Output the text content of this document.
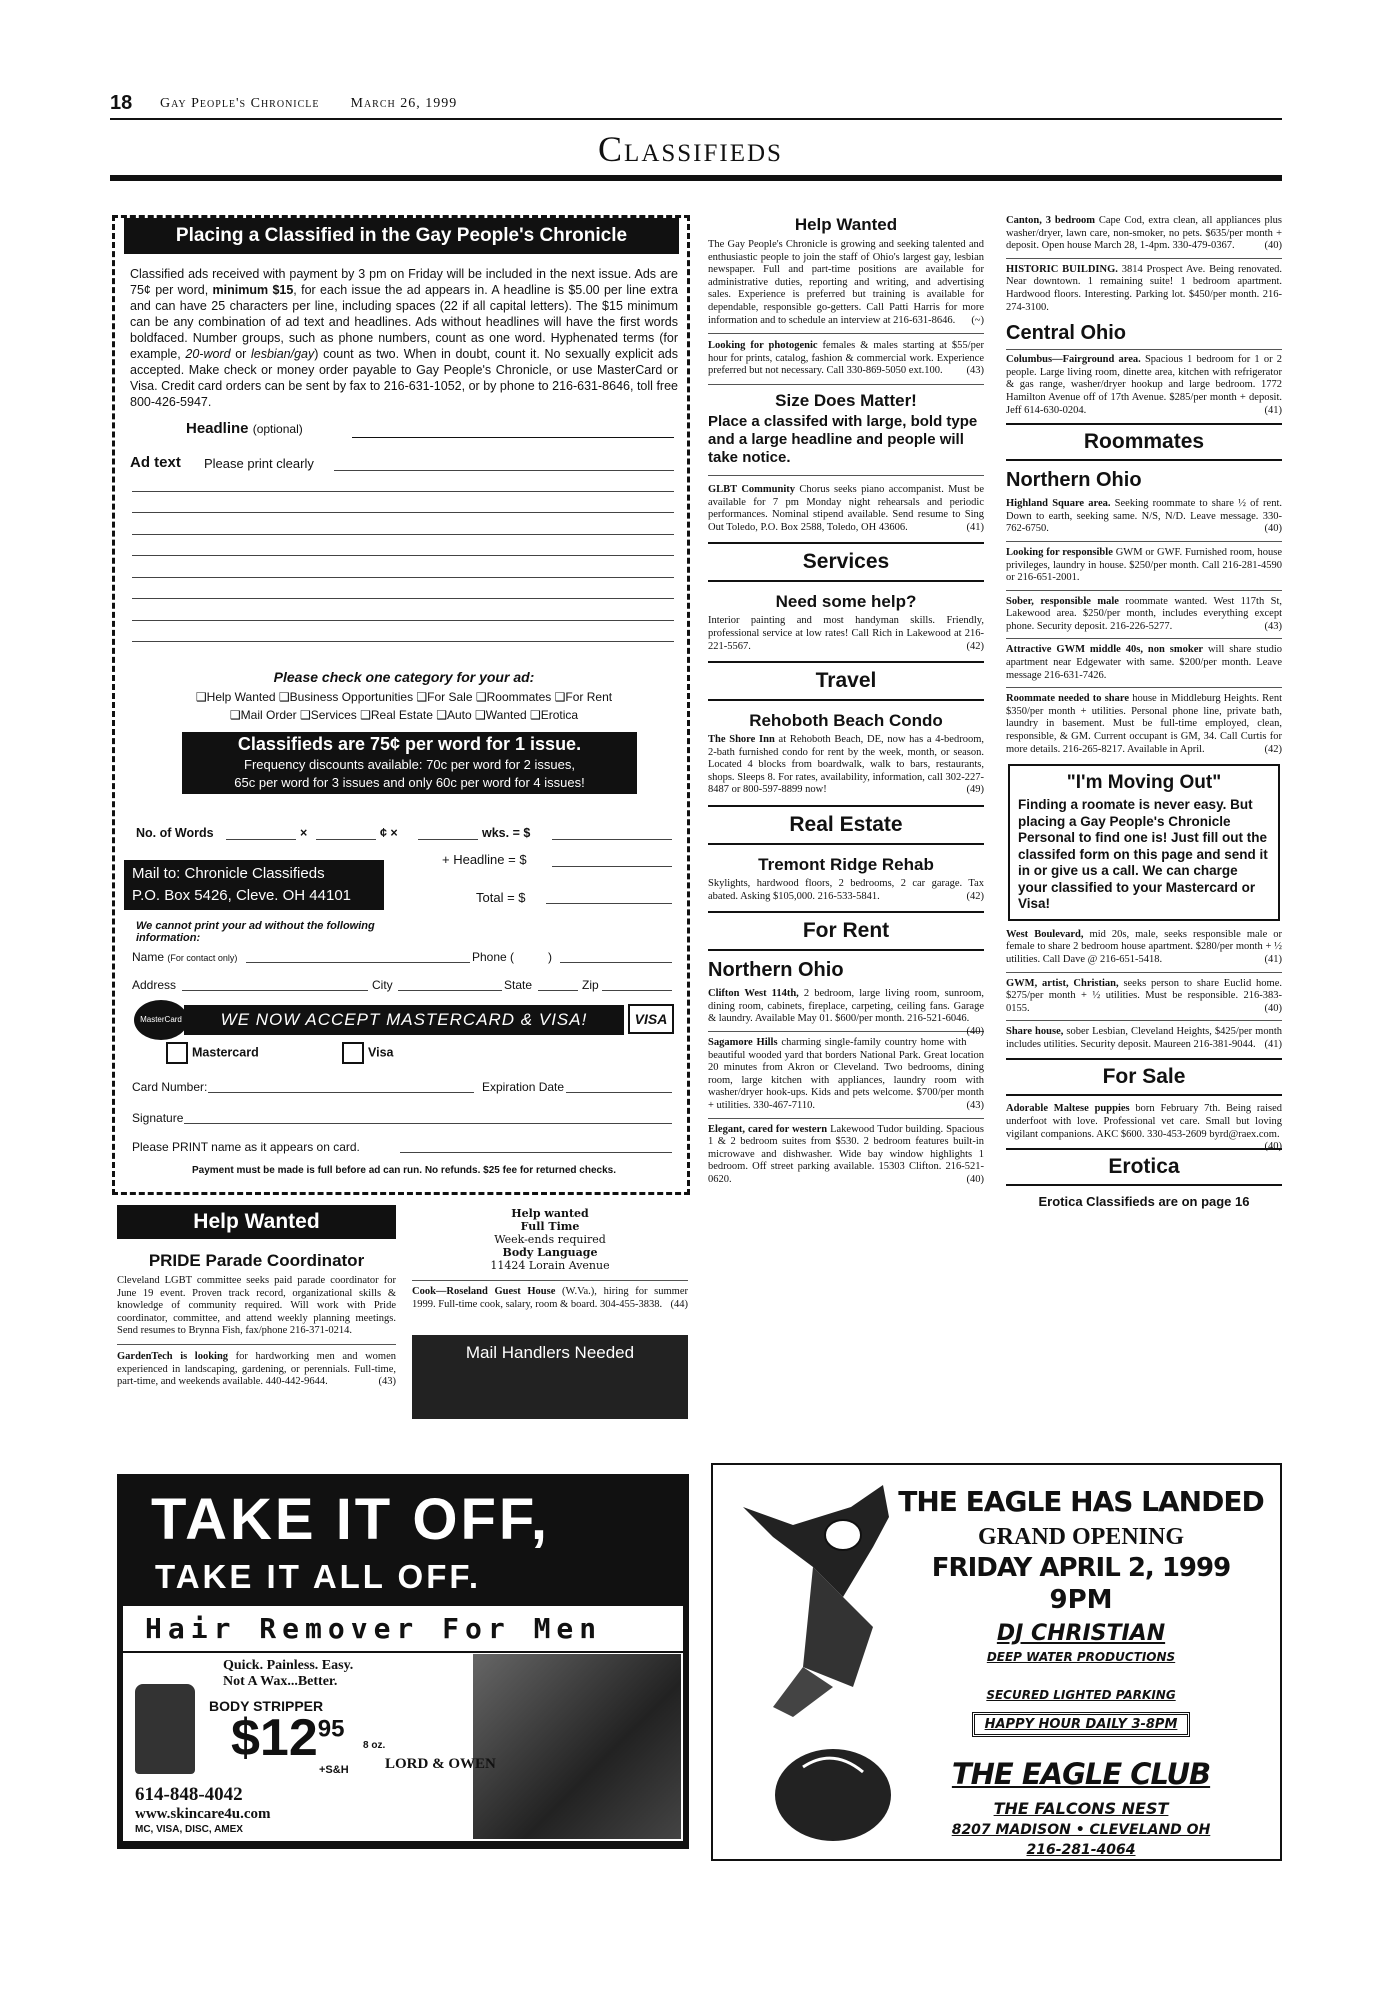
18 Gay People's Chronicle March 26, 1999
Classifieds
Placing a Classified in the Gay People's Chronicle
Classified ads received with payment by 3 pm on Friday will be included in the next issue. Ads are 75¢ per word, minimum $15, for each issue the ad appears in. A headline is $5.00 per line extra and can have 25 characters per line, including spaces (22 if all capital letters). The $15 minimum can be any combination of ad text and headlines. Ads without headlines will have the first words boldfaced. Number groups, such as phone numbers, count as one word. Hyphenated terms (for example, 20-word or lesbian/gay) count as two. When in doubt, count it. No sexually explicit ads accepted. Make check or money order payable to Gay People's Chronicle, or use MasterCard or Visa. Credit card orders can be sent by fax to 216-631-1052, or by phone to 216-631-8646, toll free 800-426-5947.
Headline (optional)
Ad text Please print clearly
Please check one category for your ad:
❑Help Wanted ❑Business Opportunities ❑For Sale ❑Roommates ❑For Rent
❑Mail Order ❑Services ❑Real Estate ❑Auto ❑Wanted ❑Erotica
Classifieds are 75¢ per word for 1 issue.
Frequency discounts available: 70c per word for 2 issues,
65c per word for 3 issues and only 60c per word for 4 issues!
No. of Words	×	¢ ×	wks. = $
+ Headline = $
Mail to: Chronicle Classifieds
P.O. Box 5426, Cleve. OH 44101	Total = $
We cannot print your ad without the following information:
Name (For contact only)	Phone (	)
Address	City	State	Zip
MasterCard	WE NOW ACCEPT MASTERCARD & VISA!	VISA
Mastercard	Visa
Card Number:	Expiration Date
Signature
Please PRINT name as it appears on card.
Payment must be made is full before ad can run. No refunds. $25 fee for returned checks.
Help Wanted
PRIDE Parade Coordinator
Cleveland LGBT committee seeks paid parade coordinator for June 19 event. Proven track record, organizational skills & knowledge of community required. Will work with Pride coordinator, committee, and attend weekly planning meetings. Send resumes to Brynna Fish, fax/phone 216-371-0214.
GardenTech is looking for hardworking men and women experienced in landscaping, gardening, or perennials. Full-time, part-time, and weekends available. 440-442-9644.	(43)
Help wanted
Full Time
Week-ends required
Body Language
11424 Lorain Avenue
Cook—Roseland Guest House (W.Va.), hiring for summer 1999. Full-time cook, salary, room & board. 304-455-3838. (44)
Mail Handlers Needed
Help Wanted
The Gay People's Chronicle is growing and seeking talented and enthusiastic people to join the staff of Ohio's largest gay, lesbian newspaper. Full and part-time positions are available for administrative duties, reporting and writing, and advertising sales. Experience is preferred but training is available for dependable, responsible go-getters. Call Patti Harris for more information and to schedule an interview at 216-631-8646. (~)
Looking for photogenic females & males starting at $55/per hour for prints, catalog, fashion & commercial work. Experience preferred but not necessary. Call 330-869-5050 ext.100. (43)
Size Does Matter!
Place a classifed with large, bold type and a large headline and people will take notice.
GLBT Community Chorus seeks piano accompanist. Must be available for 7 pm Monday night rehearsals and periodic performances. Nominal stipend available. Send resume to Sing Out Toledo, P.O. Box 2588, Toledo, OH 43606.	(41)
Services
Need some help?
Interior painting and most handyman skills. Friendly, professional service at low rates! Call Rich in Lakewood at 216-221-5567.	(42)
Travel
Rehoboth Beach Condo
The Shore Inn at Rehoboth Beach, DE, now has a 4-bedroom, 2-bath furnished condo for rent by the week, month, or season. Located 4 blocks from boardwalk, walk to bars, restaurants, shops. Sleeps 8. For rates, availability, information, call 302-227-8487 or 800-597-8899 now!	(49)
Real Estate
Tremont Ridge Rehab
Skylights, hardwood floors, 2 bedrooms, 2 car garage. Tax abated. Asking $105,000. 216-533-5841.	(42)
For Rent
Northern Ohio
Clifton West 114th, 2 bedroom, large living room, sunroom, dining room, cabinets, fireplace, carpeting, ceiling fans. Garage & laundry. Available May 01. $600/per month. 216-521-6046.
(40)
Sagamore Hills charming single-family country home with beautiful wooded yard that borders National Park. Great location 20 minutes from Akron or Cleveland. Two bedrooms, dining room, large kitchen with appliances, laundry room with washer/dryer hook-ups. Kids and pets welcome. $700/per month + utilities. 330-467-7110.	(43)
Elegant, cared for western Lakewood Tudor building. Spacious 1 & 2 bedroom suites from $530. 2 bedroom features built-in microwave and dishwasher. Wide bay window highlights 1 bedroom. Off street parking available. 15303 Clifton. 216-521-0620.	(40)
Canton, 3 bedroom Cape Cod, extra clean, all appliances plus washer/dryer, lawn care, non-smoker, no pets. $635/per month + deposit. Open house March 28, 1-4pm. 330-479-0367.	(40)
HISTORIC BUILDING. 3814 Prospect Ave. Being renovated. Near downtown. 1 remaining suite! 1 bedroom apartment. Hardwood floors. Interesting. Parking lot. $450/per month. 216-274-3100.
Central Ohio
Columbus—Fairground area. Spacious 1 bedroom for 1 or 2 people. Large living room, dinette area, kitchen with refrigerator & gas range, washer/dryer hookup and large bedroom. 1772 Hamilton Avenue off of 17th Avenue. $285/per month + deposit. Jeff 614-630-0204.	(41)
Roommates
Northern Ohio
Highland Square area. Seeking roommate to share ½ of rent. Down to earth, seeking same. N/S, N/D. Leave message. 330-762-6750.	(40)
Looking for responsible GWM or GWF. Furnished room, house privileges, laundry in house. $250/per month. Call 216-281-4590 or 216-651-2001.
Sober, responsible male roommate wanted. West 117th St, Lakewood area. $250/per month, includes everything except phone. Security deposit. 216-226-5277.	(43)
Attractive GWM middle 40s, non smoker will share studio apartment near Edgewater with same. $200/per month. Leave message 216-631-7426.
Roommate needed to share house in Middleburg Heights. Rent $350/per month + utilities. Personal phone line, private bath, laundry in basement. Must be full-time employed, clean, responsible, & GM. Current occupant is GM, 34. Call Curtis for more details. 216-265-8217. Available in April.	(42)
"I'm Moving Out"
Finding a roomate is never easy. But placing a Gay People's Chronicle Personal to find one is! Just fill out the classifed form on this page and send it in or give us a call. We can charge your classified to your Mastercard or Visa!
West Boulevard, mid 20s, male, seeks responsible male or female to share 2 bedroom house apartment. $280/per month + ½ utilities. Call Dave @ 216-651-5418.	(41)
GWM, artist, Christian, seeks person to share Euclid home. $275/per month + ½ utilities. Must be responsible. 216-383-0155.	(40)
Share house, sober Lesbian, Cleveland Heights, $425/per month includes utilities. Security deposit. Maureen 216-381-9044. (41)
For Sale
Adorable Maltese puppies born February 7th. Being raised underfoot with love. Professional vet care. Small but loving vigilant companions. AKC $600. 330-453-2609 byrd@raex.com.
(40)
Erotica
Erotica Classifieds are on page 16
TAKE IT OFF,
TAKE IT ALL OFF.
Hair Remover For Men
Quick. Painless. Easy.
Not A Wax...Better.
BODY STRIPPER
$\$12^{95}$
8 oz.
+S&H LORD & OWEN
614-848-4042
www.skincare4u.com
MC, VISA, DISC, AMEX
THE EAGLE HAS LANDED
GRAND OPENING
FRIDAY APRIL 2, 1999
9PM
DJ CHRISTIAN
DEEP WATER PRODUCTIONS
SECURED LIGHTED PARKING
HAPPY HOUR DAILY 3-8PM
THE EAGLE CLUB
THE FALCONS NEST
8207 MADISON • CLEVELAND OH
216-281-4064
